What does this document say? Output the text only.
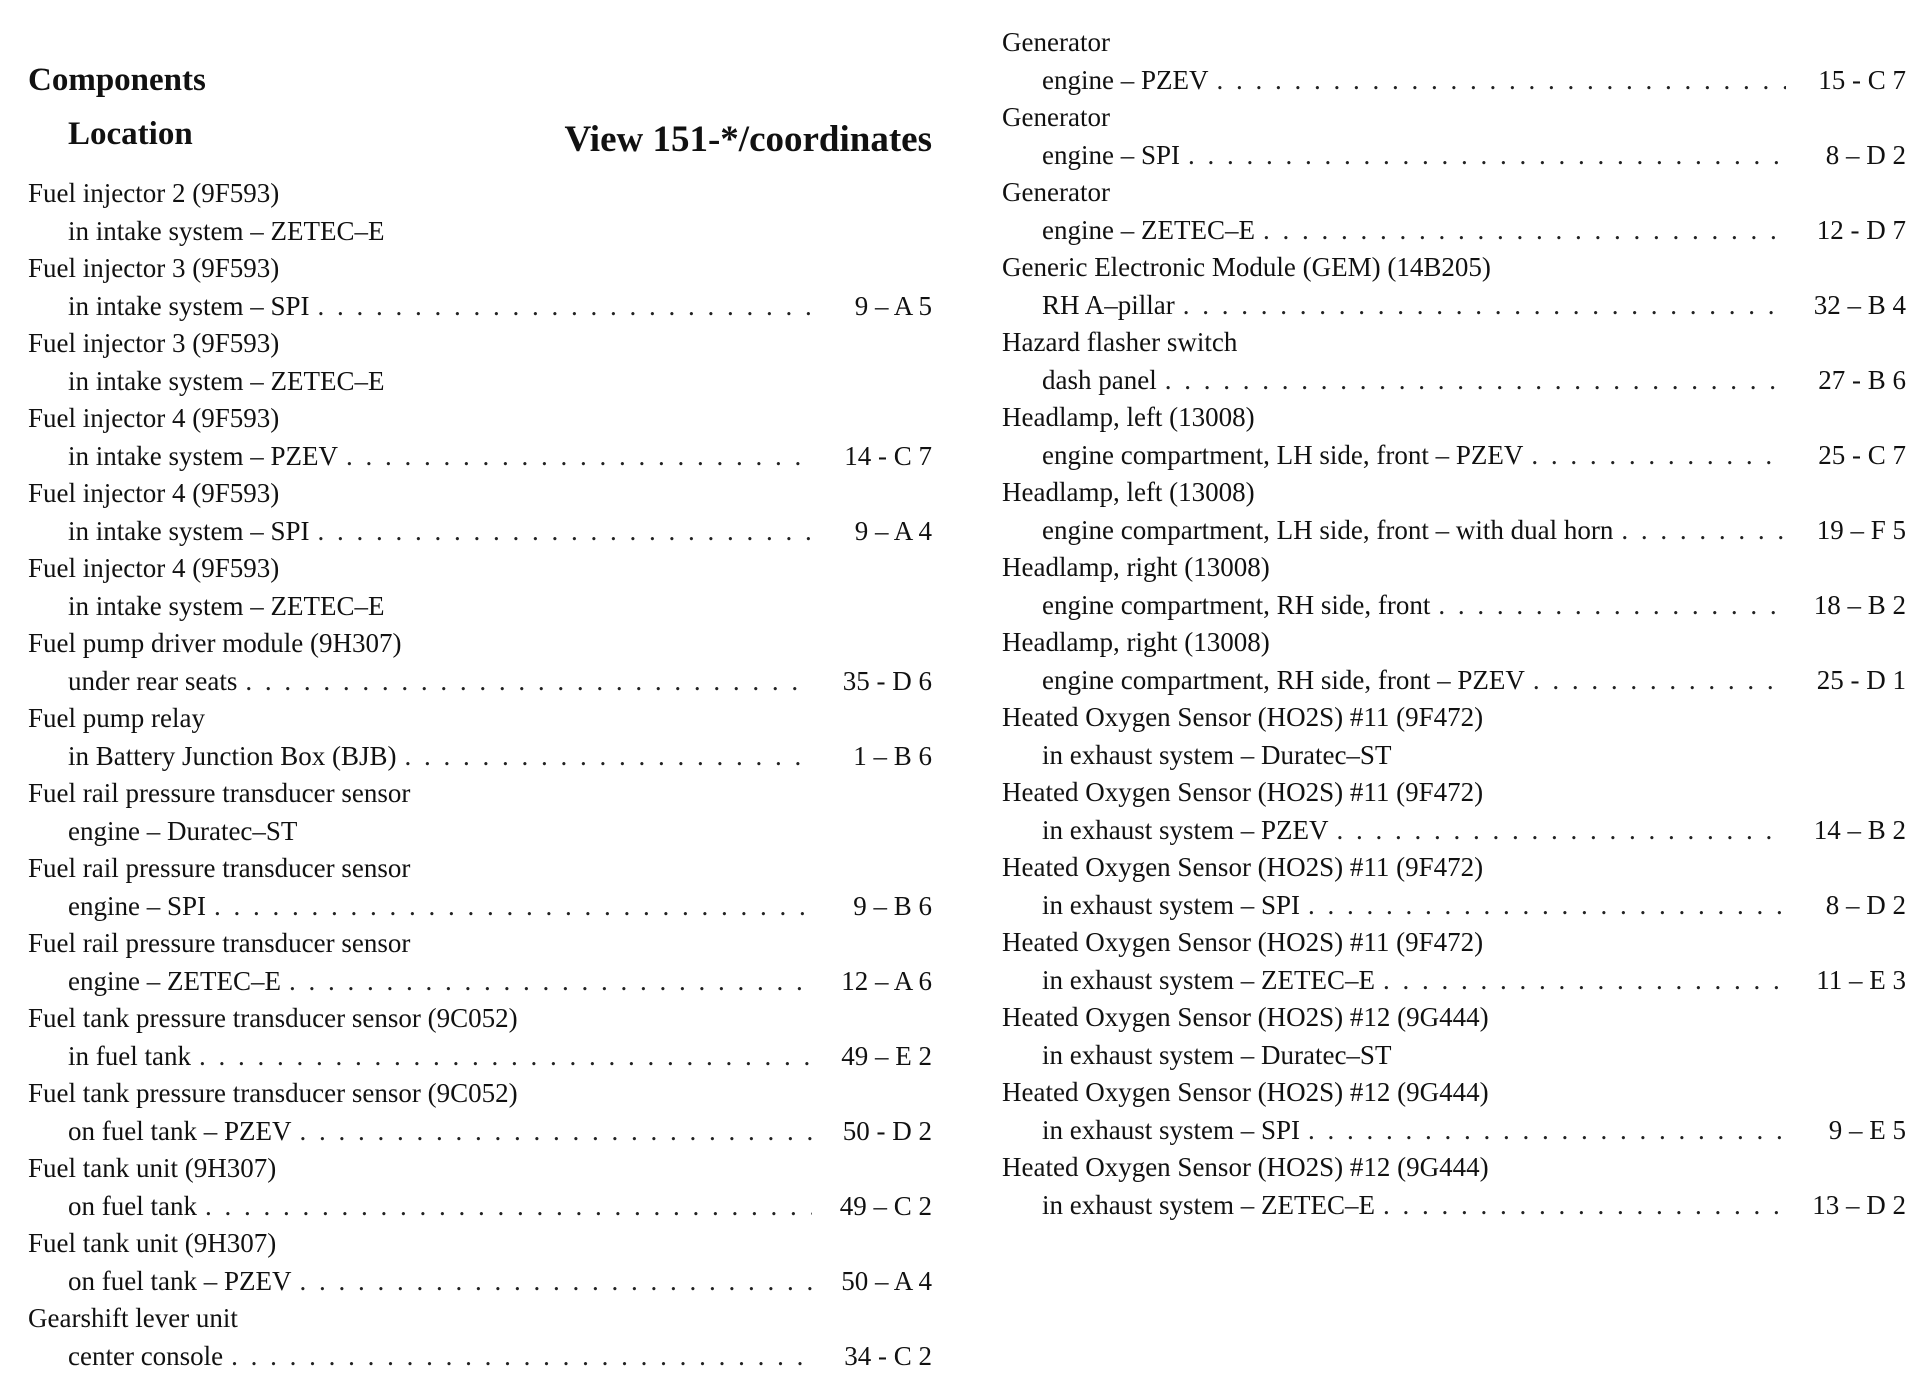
Components
Location	View 151-*/coordinates
Fuel injector 2 (9F593)
in intake system – ZETEC–E
Fuel injector 3 (9F593)
in intake system – SPI . . .	9 – A 5
Fuel injector 3 (9F593)
in intake system – ZETEC–E
Fuel injector 4 (9F593)
in intake system – PZEV . . .	14 - C 7
Fuel injector 4 (9F593)
in intake system – SPI . . .	9 – A 4
Fuel injector 4 (9F593)
in intake system – ZETEC–E
Fuel pump driver module (9H307)
under rear seats . . .	35 - D 6
Fuel pump relay
in Battery Junction Box (BJB) . . .	1 – B 6
Fuel rail pressure transducer sensor
engine – Duratec–ST
Fuel rail pressure transducer sensor
engine – SPI . . .	9 – B 6
Fuel rail pressure transducer sensor
engine – ZETEC–E . . .	12 – A 6
Fuel tank pressure transducer sensor (9C052)
in fuel tank . . .	49 – E 2
Fuel tank pressure transducer sensor (9C052)
on fuel tank – PZEV . . .	50 - D 2
Fuel tank unit (9H307)
on fuel tank . . .	49 – C 2
Fuel tank unit (9H307)
on fuel tank – PZEV . . .	50 – A 4
Gearshift lever unit
center console . . .	34 - C 2
Generator
engine – PZEV . . .	15 - C 7
Generator
engine – SPI . . .	8 – D 2
Generator
engine – ZETEC–E . . .	12 - D 7
Generic Electronic Module (GEM) (14B205)
RH A–pillar . . .	32 – B 4
Hazard flasher switch
dash panel . . .	27 - B 6
Headlamp, left (13008)
engine compartment, LH side, front – PZEV . . .	25 - C 7
Headlamp, left (13008)
engine compartment, LH side, front – with dual horn . . .	19 – F 5
Headlamp, right (13008)
engine compartment, RH side, front . . .	18 – B 2
Headlamp, right (13008)
engine compartment, RH side, front – PZEV . . .	25 - D 1
Heated Oxygen Sensor (HO2S) #11 (9F472)
in exhaust system – Duratec–ST
Heated Oxygen Sensor (HO2S) #11 (9F472)
in exhaust system – PZEV . . .	14 – B 2
Heated Oxygen Sensor (HO2S) #11 (9F472)
in exhaust system – SPI . . .	8 – D 2
Heated Oxygen Sensor (HO2S) #11 (9F472)
in exhaust system – ZETEC–E . . .	11 – E 3
Heated Oxygen Sensor (HO2S) #12 (9G444)
in exhaust system – Duratec–ST
Heated Oxygen Sensor (HO2S) #12 (9G444)
in exhaust system – SPI . . .	9 – E 5
Heated Oxygen Sensor (HO2S) #12 (9G444)
in exhaust system – ZETEC–E . . .	13 – D 2
